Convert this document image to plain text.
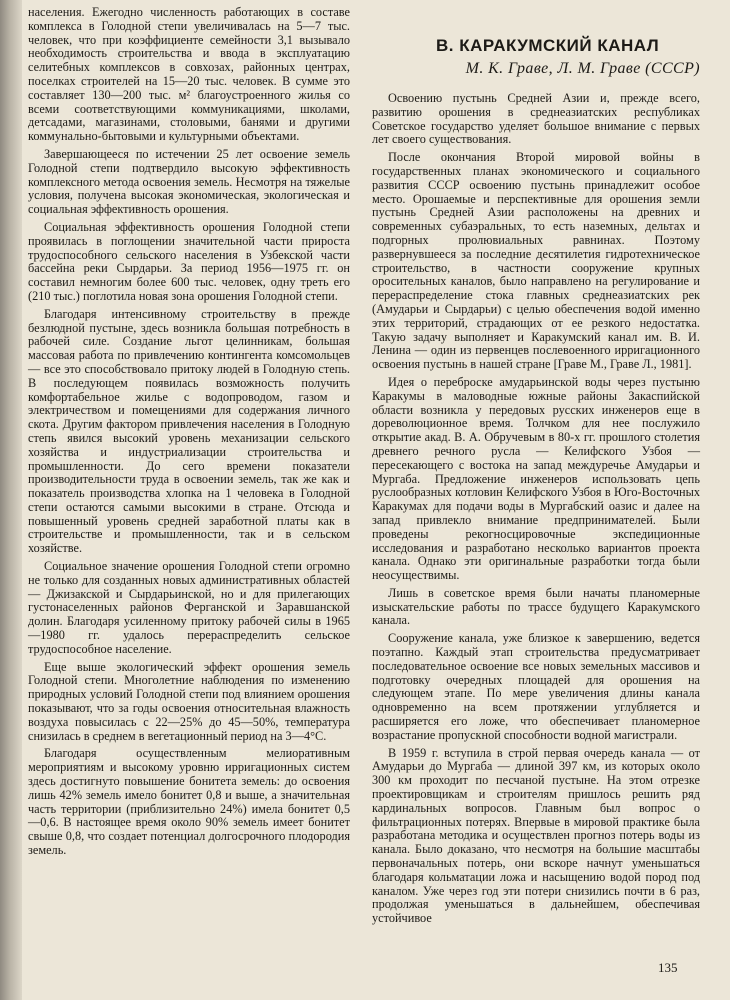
населения. Ежегодно численность работающих в составе комплекса в Голодной степи увеличивалась на 5—7 тыс. человек, что при коэффициенте семейности 3,1 вызывало необходимость строительства и ввода в эксплуатацию селитебных комплексов в совхозах, районных центрах, поселках строителей на 15—20 тыс. человек. В сумме это составляет 130—200 тыс. м² благоустроенного жилья со всеми соответствующими коммуникациями, школами, детсадами, магазинами, столовыми, банями и другими коммунально-бытовыми и культурными объектами.

Завершающееся по истечении 25 лет освоение земель Голодной степи подтвердило высокую эффективность комплексного метода освоения земель. Несмотря на тяжелые условия, получена высокая экономическая, экологическая и социальная эффективность орошения.

Социальная эффективность орошения Голодной степи проявилась в поглощении значительной части прироста трудоспособного сельского населения в Узбекской части бассейна реки Сырдарьи. За период 1956—1975 гг. он составил немногим более 600 тыс. человек, одну треть его (210 тыс.) поглотила новая зона орошения Голодной степи.

Благодаря интенсивному строительству в прежде безлюдной пустыне, здесь возникла большая потребность в рабочей силе. Создание льгот целинникам, большая массовая работа по привлечению контингента комсомольцев — все это способствовало притоку людей в Голодную степь. В последующем появилась возможность получить комфортабельное жилье с водопроводом, газом и электричеством и помещениями для содержания личного скота. Другим фактором привлечения населения в Голодную степь явился высокий уровень механизации сельского хозяйства и индустриализации строительства и промышленности. До сего времени показатели производительности труда в освоении земель, так же как и показатель производства хлопка на 1 человека в Голодной степи остаются самыми высокими в стране. Отсюда и повышенный уровень средней заработной платы как в строительстве и промышленности, так и в сельском хозяйстве.

Социальное значение орошения Голодной степи огромно не только для созданных новых административных областей — Джизакской и Сырдарьинской, но и для прилегающих густонаселенных районов Ферганской и Заравшанской долин. Благодаря усиленному притоку рабочей силы в 1965—1980 гг. удалось перераспределить сельское трудоспособное население.

Еще выше экологический эффект орошения земель Голодной степи. Многолетние наблюдения по изменению природных условий Голодной степи под влиянием орошения показывают, что за годы освоения относительная влажность воздуха повысилась с 22—25% до 45—50%, температура снизилась в среднем в вегетационный период на 3—4°С.

Благодаря осуществленным мелиоративным мероприятиям и высокому уровню ирригационных систем здесь достигнуто повышение бонитета земель: до освоения лишь 42% земель имело бонитет 0,8 и выше, а значительная часть территории (приблизительно 24%) имела бонитет 0,5—0,6. В настоящее время около 90% земель имеет бонитет свыше 0,8, что создает потенциал долгосрочного плодородия земель.

В. КАРАКУМСКИЙ КАНАЛ
М. К. Граве, Л. М. Граве (СССР)

Освоению пустынь Средней Азии и, прежде всего, развитию орошения в среднеазиатских республиках Советское государство уделяет большое внимание с первых лет своего существования.

После окончания Второй мировой войны в государственных планах экономического и социального развития СССР освоению пустынь принадлежит особое место. Орошаемые и перспективные для орошения земли пустынь Средней Азии расположены на древних и современных субаэральных, то есть наземных, дельтах и подгорных пролювиальных равнинах. Поэтому развернувшееся за последние десятилетия гидротехническое строительство, в частности сооружение крупных оросительных каналов, было направлено на регулирование и перераспределение стока главных среднеазиатских рек (Амударьи и Сырдарьи) с целью обеспечения водой именно этих территорий, страдающих от ее резкого недостатка. Такую задачу выполняет и Каракумский канал им. В. И. Ленина — один из первенцев послевоенного ирригационного освоения пустынь в нашей стране [Граве М., Граве Л., 1981].

Идея о переброске амударьинской воды через пустыню Каракумы в маловодные южные районы Закаспийской области возникла у передовых русских инженеров еще в дореволюционное время. Толчком для нее послужило открытие акад. В. А. Обручевым в 80-х гг. прошлого столетия древнего речного русла — Келифского Узбоя — пересекающего с востока на запад междуречье Амударьи и Мургаба. Предложение инженеров использовать цепь руслообразных котловин Келифского Узбоя в Юго-Восточных Каракумах для подачи воды в Мургабский оазис и далее на запад привлекло внимание предпринимателей. Были проведены рекогносцировочные экспедиционные исследования и разработано несколько вариантов проекта канала. Однако эти оригинальные разработки тогда были неосуществимы.

Лишь в советское время были начаты планомерные изыскательские работы по трассе будущего Каракумского канала.

Сооружение канала, уже близкое к завершению, ведется поэтапно. Каждый этап строительства предусматривает последовательное освоение все новых земельных массивов и подготовку очередных площадей для орошения на следующем этапе. По мере увеличения длины канала одновременно на всем протяжении углубляется и расширяется его ложе, что обеспечивает планомерное возрастание пропускной способности водной магистрали.

В 1959 г. вступила в строй первая очередь канала — от Амударьи до Мургаба — длиной 397 км, из которых около 300 км проходит по песчаной пустыне. На этом отрезке проектировщикам и строителям пришлось решить ряд кардинальных вопросов. Главным был вопрос о фильтрационных потерях. Впервые в мировой практике была разработана методика и осуществлен прогноз потерь воды из канала. Было доказано, что несмотря на большие масштабы первоначальных потерь, они вскоре начнут уменьшаться благодаря кольматации ложа и насыщению водой пород под каналом. Уже через год эти потери снизились почти в 6 раз, продолжая уменьшаться в дальнейшем, обеспечивая устойчивое

135
